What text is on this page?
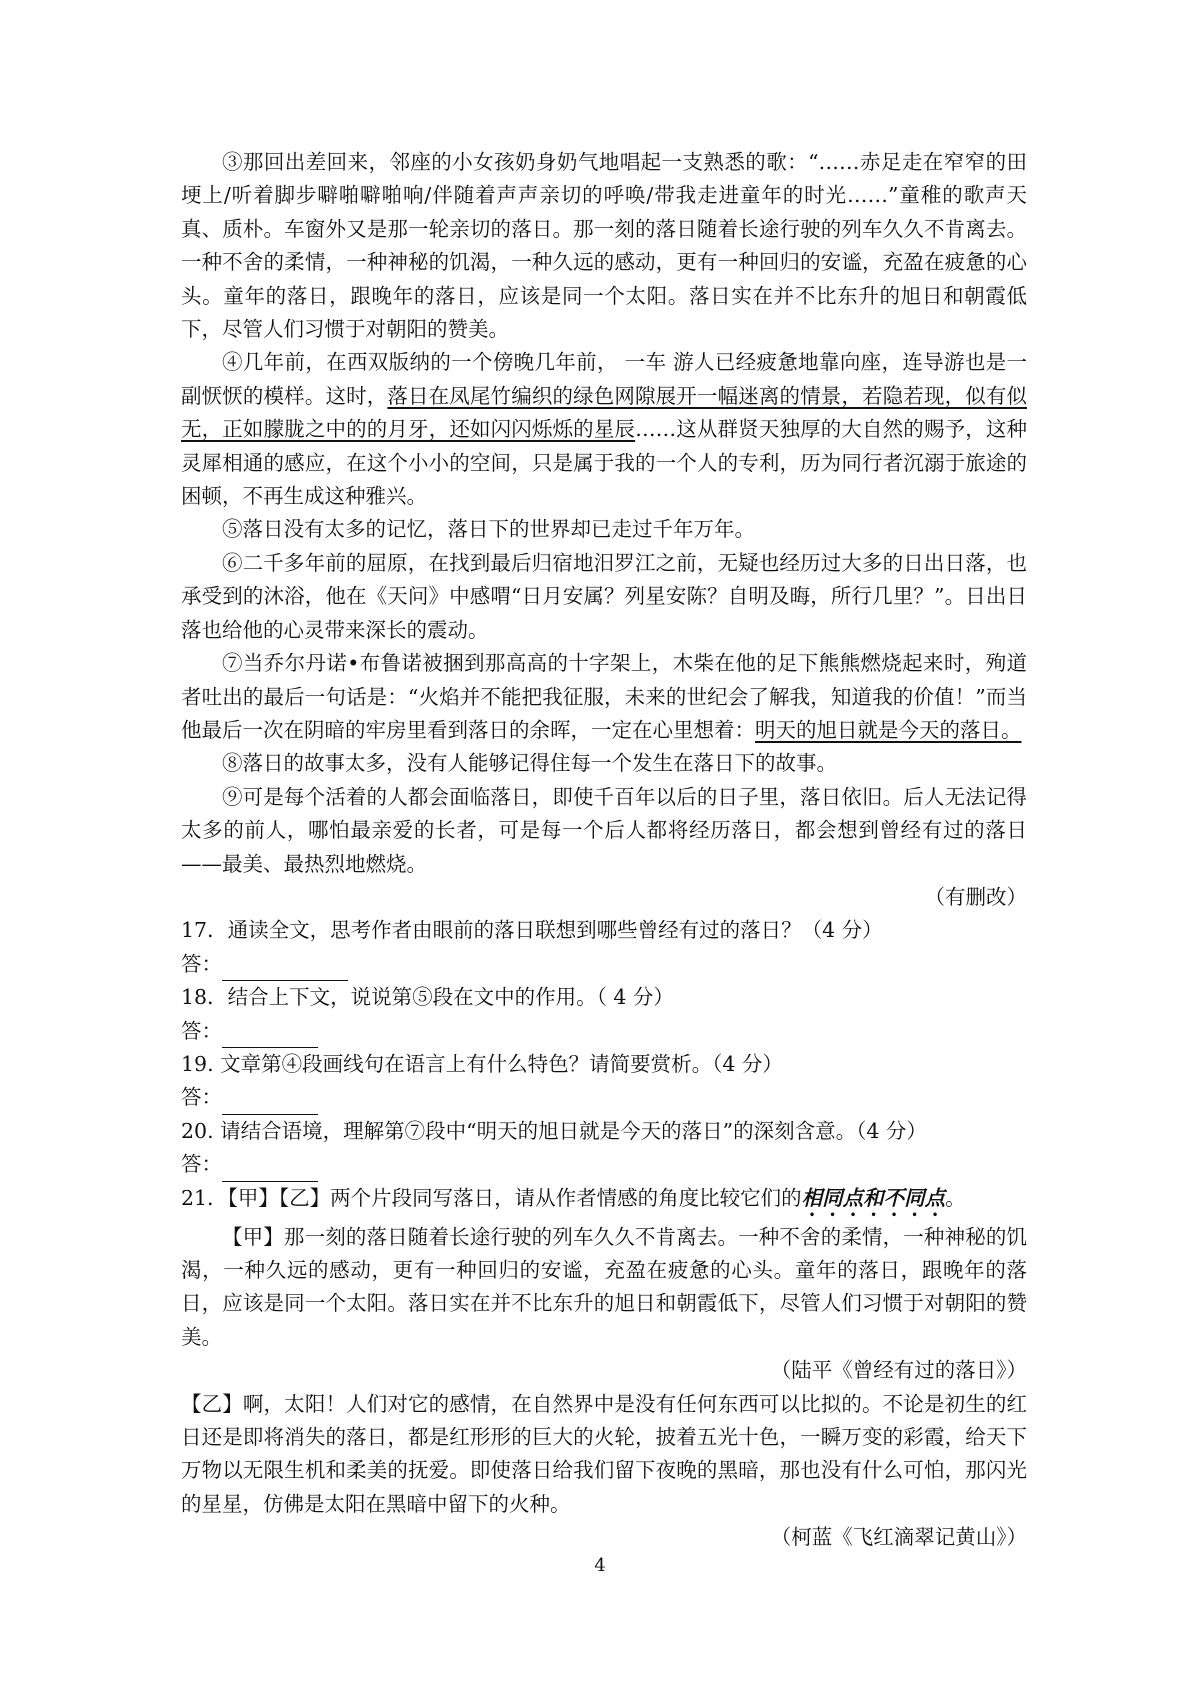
③那回出差回来，邻座的小女孩奶身奶气地唱起一支熟悉的歌：“……赤足走在窄窄的田埂上/听着脚步噼啪噼啪响/伴随着声声亲切的呼唤/带我走进童年的时光……”童稚的歌声天真、质朴。车窗外又是那一轮亲切的落日。那一刻的落日随着长途行驶的列车久久不肯离去。一种不舍的柔情，一种神秘的饥渴，一种久远的感动，更有一种回归的安谧，充盈在疲惫的心头。童年的落日，跟晚年的落日，应该是同一个太阳。落日实在并不比东升的旭日和朝霞低下，尽管人们习惯于对朝阳的赞美。

④几年前，在西双版纳的一个傍晚几年前， 一车 游人已经疲惫地靠向座，连导游也是一副恹恹的模样。这时，落日在凤尾竹编织的绿色网隙展开一幅迷离的情景，若隐若现，似有似无，正如朦胧之中的的月牙，还如闪闪烁烁的星辰……这从群贤天独厚的大自然的赐予，这种灵犀相通的感应，在这个小小的空间，只是属于我的一个人的专利，历为同行者沉溺于旅途的困顿，不再生成这种雅兴。

⑤落日没有太多的记忆，落日下的世界却已走过千年万年。

⑥二千多年前的屈原，在找到最后归宿地汨罗江之前，无疑也经历过大多的日出日落，也承受到的沐浴，他在《天问》中感喟“日月安属？列星安陈？自明及晦，所行几里？”。日出日落也给他的心灵带来深长的震动。

⑦当乔尔丹诺•布鲁诺被捆到那高高的十字架上，木柴在他的足下熊熊燃烧起来时，殉道者吐出的最后一句话是：“火焰并不能把我征服，未来的世纪会了解我，知道我的价值！”而当他最后一次在阴暗的牢房里看到落日的余晖，一定在心里想着：明天的旭日就是今天的落日。

⑧落日的故事太多，没有人能够记得住每一个发生在落日下的故事。

⑨可是每个活着的人都会面临落日，即使千百年以后的日子里，落日依旧。后人无法记得太多的前人，哪怕最亲爱的长者，可是每一个后人都将经历落日，都会想到曾经有过的落日——最美、最热烈地燃烧。

（有删改）

17．通读全文，思考作者由眼前的落日联想到哪些曾经有过的落日？（4 分）

答：

18．结合上下文，说说第⑤段在文中的作用。（ 4 分）

答：

19. 文章第④段画线句在语言上有什么特色？请简要赏析。（4 分）

答：

20. 请结合语境，理解第⑦段中“明天的旭日就是今天的落日”的深刻含意。（4 分）

答：

21．【甲】【乙】两个片段同写落日，请从作者情感的角度比较它们的相同点和不同点。

【甲】那一刻的落日随着长途行驶的列车久久不肯离去。一种不舍的柔情，一种神秘的饥渴，一种久远的感动，更有一种回归的安谧，充盈在疲惫的心头。童年的落日，跟晚年的落日，应该是同一个太阳。落日实在并不比东升的旭日和朝霞低下，尽管人们习惯于对朝阳的赞美。

（陆平《曾经有过的落日》）

【乙】啊，太阳！人们对它的感情，在自然界中是没有任何东西可以比拟的。不论是初生的红日还是即将消失的落日，都是红形形的巨大的火轮，披着五光十色，一瞬万变的彩霞，给天下万物以无限生机和柔美的抚爱。即使落日给我们留下夜晚的黑暗，那也没有什么可怕，那闪光的星星，仿佛是太阳在黑暗中留下的火种。

（柯蓝《飞红滴翠记黄山》）

4
